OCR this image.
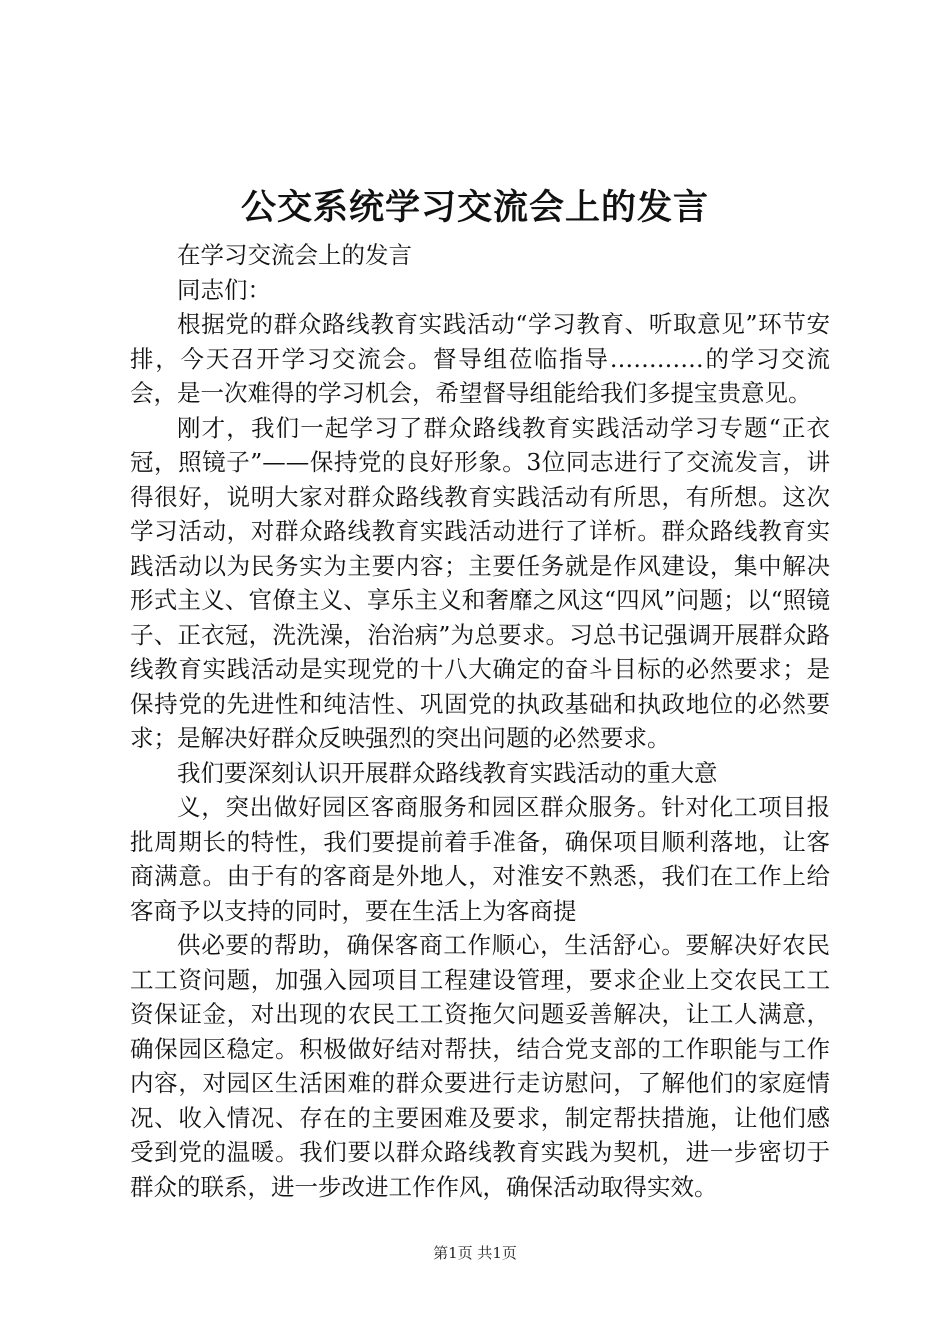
公交系统学习交流会上的发言

在学习交流会上的发言

同志们：

根据党的群众路线教育实践活动“学习教育、听取意见”环节安排，今天召开学习交流会。督导组莅临指导…………的学习交流会，是一次难得的学习机会，希望督导组能给我们多提宝贵意见。

刚才，我们一起学习了群众路线教育实践活动学习专题“正衣冠，照镜子”——保持党的良好形象。3位同志进行了交流发言，讲得很好，说明大家对群众路线教育实践活动有所思，有所想。这次学习活动，对群众路线教育实践活动进行了详析。群众路线教育实践活动以为民务实为主要内容；主要任务就是作风建设，集中解决形式主义、官僚主义、享乐主义和奢靡之风这“四风”问题；以“照镜子、正衣冠，洗洗澡，治治病”为总要求。习总书记强调开展群众路线教育实践活动是实现党的十八大确定的奋斗目标的必然要求；是保持党的先进性和纯洁性、巩固党的执政基础和执政地位的必然要求；是解决好群众反映强烈的突出问题的必然要求。

我们要深刻认识开展群众路线教育实践活动的重大意

义，突出做好园区客商服务和园区群众服务。针对化工项目报批周期长的特性，我们要提前着手准备，确保项目顺利落地，让客商满意。由于有的客商是外地人，对淮安不熟悉，我们在工作上给客商予以支持的同时，要在生活上为客商提

供必要的帮助，确保客商工作顺心，生活舒心。要解决好农民工工资问题，加强入园项目工程建设管理，要求企业上交农民工工资保证金，对出现的农民工工资拖欠问题妥善解决，让工人满意，确保园区稳定。积极做好结对帮扶，结合党支部的工作职能与工作内容，对园区生活困难的群众要进行走访慰问，了解他们的家庭情况、收入情况、存在的主要困难及要求，制定帮扶措施，让他们感受到党的温暖。我们要以群众路线教育实践为契机，进一步密切于群众的联系，进一步改进工作作风，确保活动取得实效。

第1页 共1页
